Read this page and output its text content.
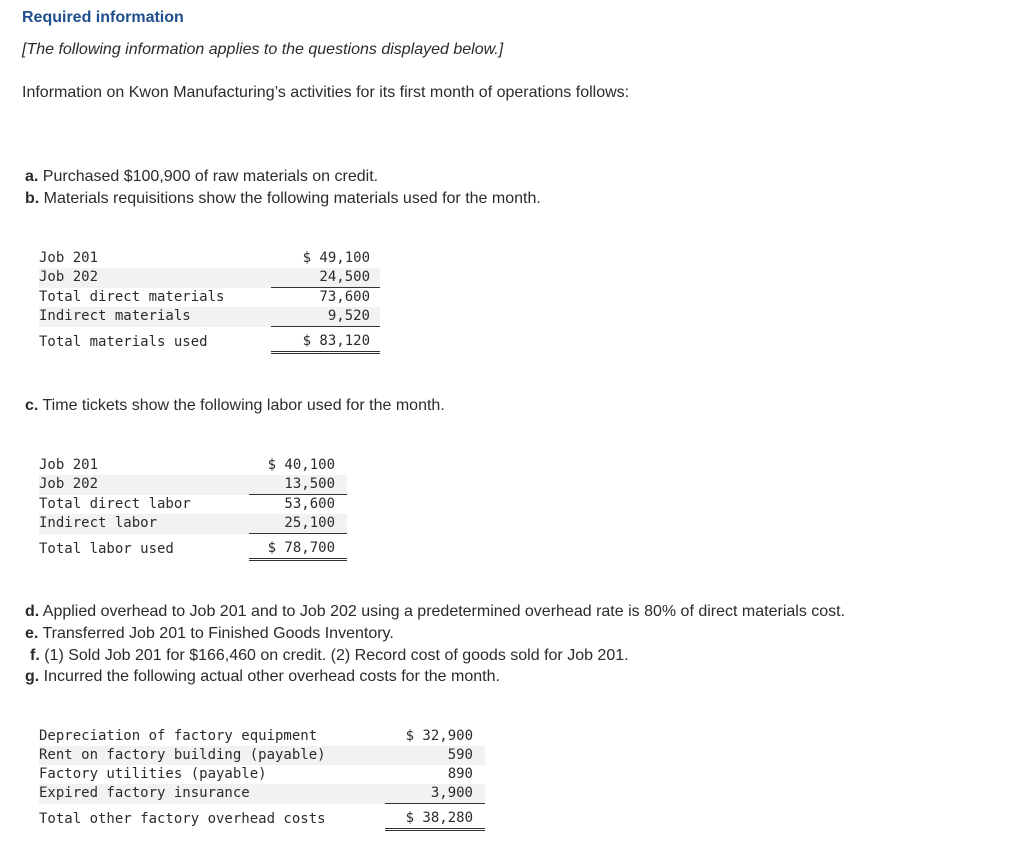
Required information
[The following information applies to the questions displayed below.]
Information on Kwon Manufacturing’s activities for its first month of operations follows:
a. Purchased $100,900 of raw materials on credit.
b. Materials requisitions show the following materials used for the month.
Job 201	$ 49,100
Job 202	24,500
Total direct materials	73,600
Indirect materials	9,520

Total materials used	$ 83,120
c. Time tickets show the following labor used for the month.
Job 201	$ 40,100
Job 202	13,500
Total direct labor	53,600
Indirect labor	25,100

Total labor used	$ 78,700
d. Applied overhead to Job 201 and to Job 202 using a predetermined overhead rate is 80% of direct materials cost.
e. Transferred Job 201 to Finished Goods Inventory.
f. (1) Sold Job 201 for $166,460 on credit. (2) Record cost of goods sold for Job 201.
g. Incurred the following actual other overhead costs for the month.
Depreciation of factory equipment	$ 32,900
Rent on factory building (payable)	590
Factory utilities (payable)	890
Expired factory insurance	3,900

Total other factory overhead costs	$ 38,280
